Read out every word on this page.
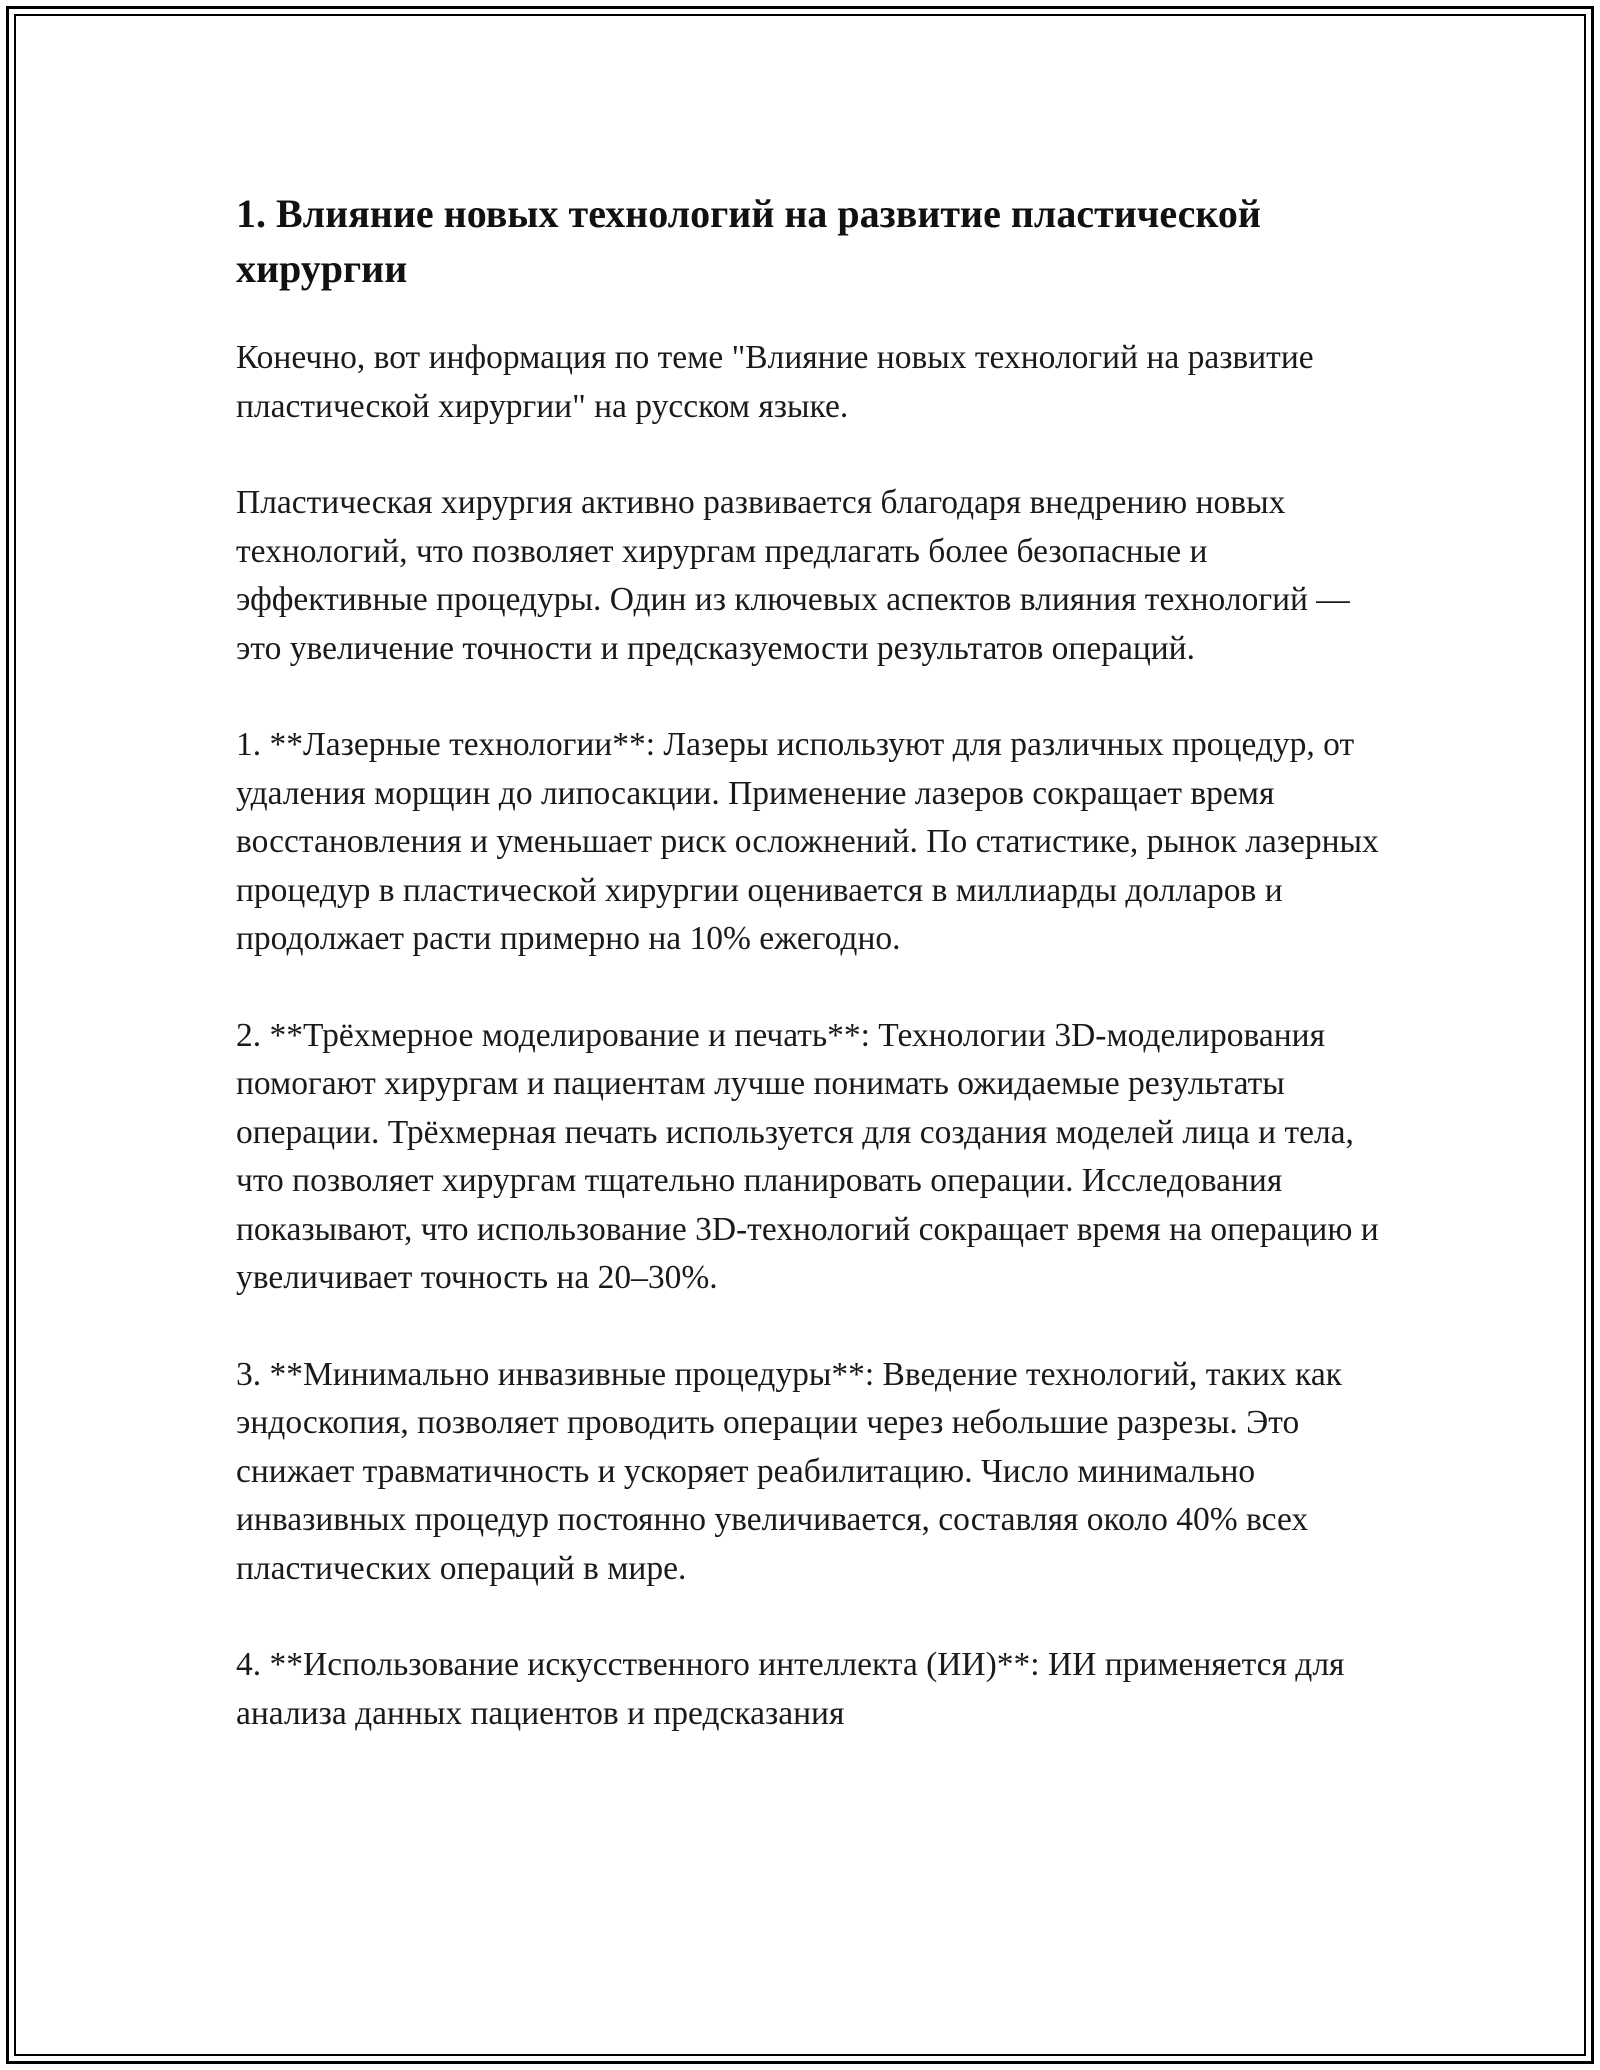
1. Влияние новых технологий на развитие пластической хирургии

Конечно, вот информация по теме "Влияние новых технологий на развитие пластической хирургии" на русском языке.

Пластическая хирургия активно развивается благодаря внедрению новых технологий, что позволяет хирургам предлагать более безопасные и эффективные процедуры. Один из ключевых аспектов влияния технологий — это увеличение точности и предсказуемости результатов операций.

1. **Лазерные технологии**: Лазеры используют для различных процедур, от удаления морщин до липосакции. Применение лазеров сокращает время восстановления и уменьшает риск осложнений. По статистике, рынок лазерных процедур в пластической хирургии оценивается в миллиарды долларов и продолжает расти примерно на 10% ежегодно.

2. **Трёхмерное моделирование и печать**: Технологии 3D-моделирования помогают хирургам и пациентам лучше понимать ожидаемые результаты операции. Трёхмерная печать используется для создания моделей лица и тела, что позволяет хирургам тщательно планировать операции. Исследования показывают, что использование 3D-технологий сокращает время на операцию и увеличивает точность на 20–30%.

3. **Минимально инвазивные процедуры**: Введение технологий, таких как эндоскопия, позволяет проводить операции через небольшие разрезы. Это снижает травматичность и ускоряет реабилитацию. Число минимально инвазивных процедур постоянно увеличивается, составляя около 40% всех пластических операций в мире.

4. **Использование искусственного интеллекта (ИИ)**: ИИ применяется для анализа данных пациентов и предсказания
